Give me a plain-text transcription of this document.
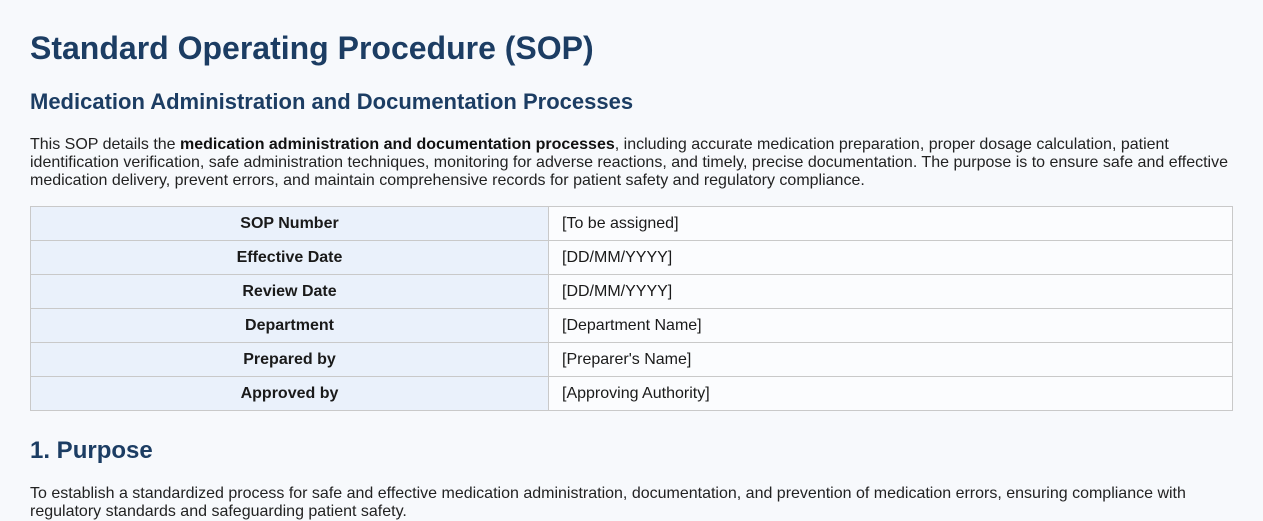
Standard Operating Procedure (SOP)
Medication Administration and Documentation Processes

This SOP details the medication administration and documentation processes, including accurate medication preparation, proper dosage calculation, patient identification verification, safe administration techniques, monitoring for adverse reactions, and timely, precise documentation. The purpose is to ensure safe and effective medication delivery, prevent errors, and maintain comprehensive records for patient safety and regulatory compliance.

SOP Number	[To be assigned]
Effective Date	[DD/MM/YYYY]
Review Date	[DD/MM/YYYY]
Department	[Department Name]
Prepared by	[Preparer's Name]
Approved by	[Approving Authority]
1. Purpose

To establish a standardized process for safe and effective medication administration, documentation, and prevention of medication errors, ensuring compliance with regulatory standards and safeguarding patient safety.
